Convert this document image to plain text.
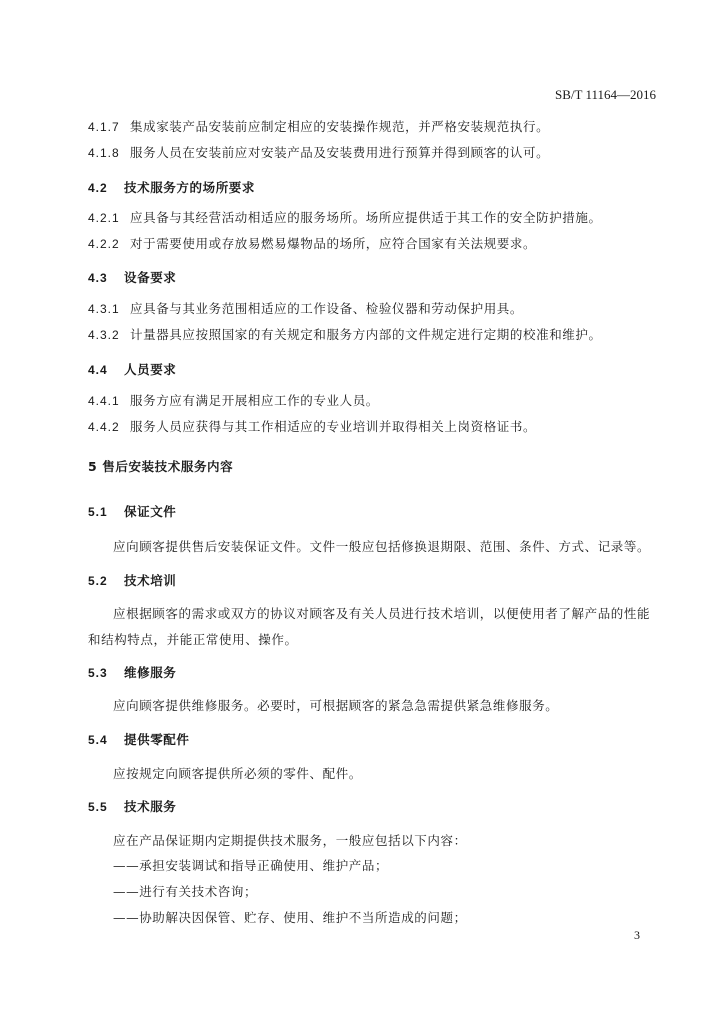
SB/T 11164—2016
4.1.7 集成家装产品安装前应制定相应的安装操作规范，并严格安装规范执行。
4.1.8 服务人员在安装前应对安装产品及安装费用进行预算并得到顾客的认可。
4.2 技术服务方的场所要求
4.2.1 应具备与其经营活动相适应的服务场所。场所应提供适于其工作的安全防护措施。
4.2.2 对于需要使用或存放易燃易爆物品的场所，应符合国家有关法规要求。
4.3 设备要求
4.3.1 应具备与其业务范围相适应的工作设备、检验仪器和劳动保护用具。
4.3.2 计量器具应按照国家的有关规定和服务方内部的文件规定进行定期的校准和维护。
4.4 人员要求
4.4.1 服务方应有满足开展相应工作的专业人员。
4.4.2 服务人员应获得与其工作相适应的专业培训并取得相关上岗资格证书。
5 售后安装技术服务内容
5.1 保证文件
应向顾客提供售后安装保证文件。文件一般应包括修换退期限、范围、条件、方式、记录等。
5.2 技术培训
应根据顾客的需求或双方的协议对顾客及有关人员进行技术培训，以便使用者了解产品的性能
和结构特点，并能正常使用、操作。
5.3 维修服务
应向顾客提供维修服务。必要时，可根据顾客的紧急急需提供紧急维修服务。
5.4 提供零配件
应按规定向顾客提供所必须的零件、配件。
5.5 技术服务
应在产品保证期内定期提供技术服务，一般应包括以下内容：
——承担安装调试和指导正确使用、维护产品；
——进行有关技术咨询；
——协助解决因保管、贮存、使用、维护不当所造成的问题；
3
